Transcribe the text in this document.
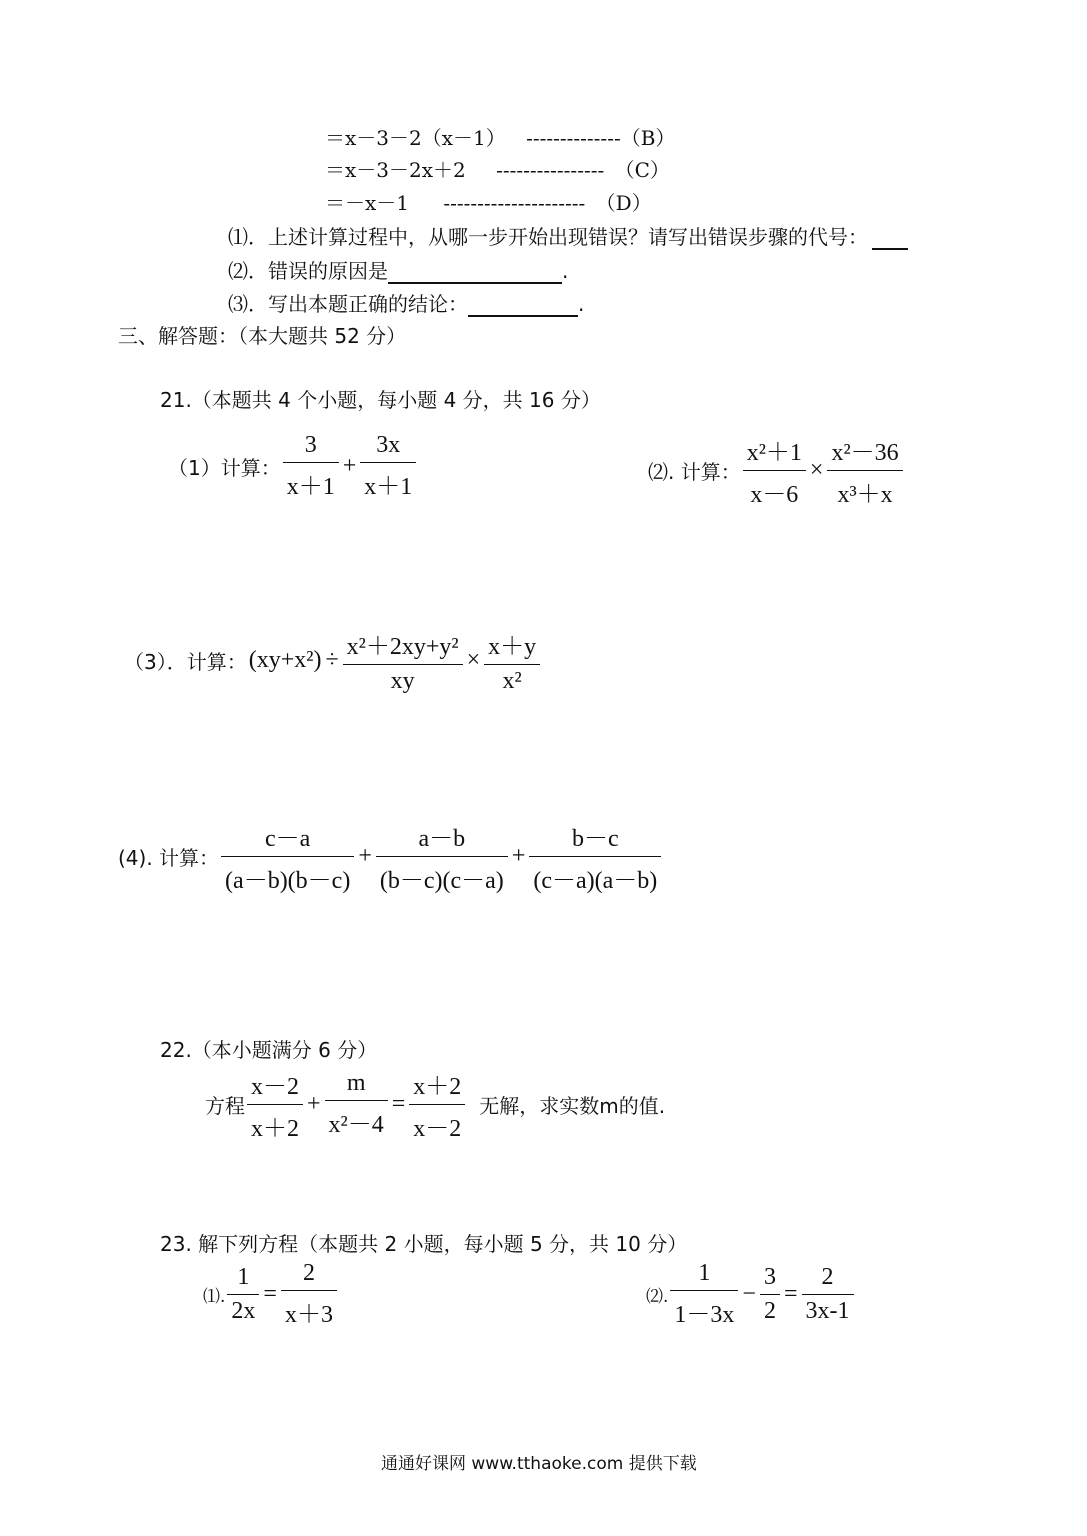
＝x－3－2（x－1） --------------（B）
＝x－3－2x＋2 ---------------- （C）
＝－x－1 --------------------- （D）
⑴．上述计算过程中，从哪一步开始出现错误？请写出错误步骤的代号：
⑵．错误的原因是	.
⑶．写出本题正确的结论：	.
三、解答题：（本大题共 52 分）
21.（本题共 4 个小题，每小题 4 分，共 16 分）
（1）计算： $\frac{3}{x+1} + \frac{3x}{x+1}$	⑵. 计算： $\frac{\text{x²＋1}}{x-6} \times \frac{\text{x²－36}}{\text{x³＋x}}$
（3）．计算： $(xy+x^2) \div \frac{\text{x²＋2xy+y²}}{xy} \times \frac{x+y}{\text{x²}}$
(4). 计算： $\frac{c-a}{(a-b)(b-c)} + \frac{a-b}{(b-c)(c-a)} + \frac{b-c}{(c-a)(a-b)}$
22.（本小题满分 6 分）
方程 $\frac{x-2}{x+2} + \frac{m}{\text{x²－4}} = \frac{x+2}{x-2}$ 无解，求实数m的值.
23. 解下列方程（本题共 2 小题，每小题 5 分，共 10 分）
⑴. $\frac{1}{2x} = \frac{2}{x+3}$	⑵. $\frac{1}{1-3x} - \frac{3}{2} = \frac{2}{3x-1}$
通通好课网 www.tthaoke.com 提供下载
